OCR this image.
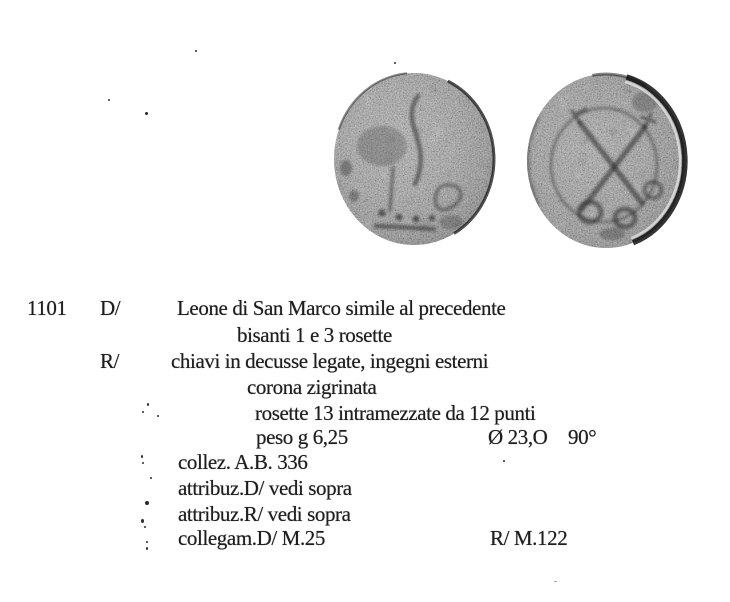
1101 D/	Leone di San Marco simile al precedente
bisanti 1 e 3 rosette
R/ chiavi in decusse legate, ingegni esterni
corona zigrinata
rosette 13 intramezzate da 12 punti
peso g 6,25	Ø 23,O 90°
collez. A.B. 336
attribuz.D/ vedi sopra
attribuz.R/ vedi sopra
collegam.D/ M.25	R/ M.122
